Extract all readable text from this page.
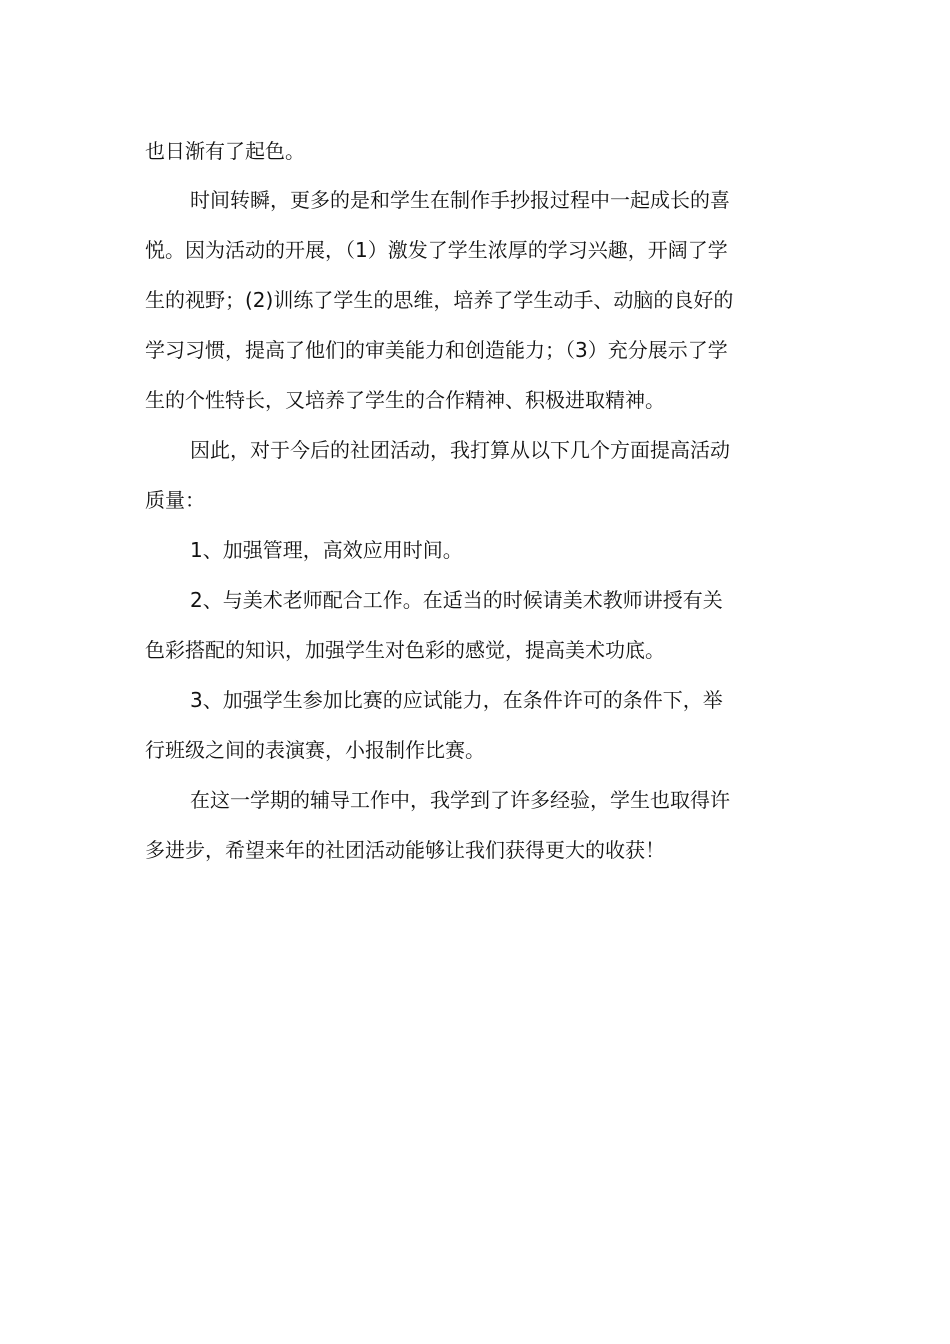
也日渐有了起色。
时间转瞬，更多的是和学生在制作手抄报过程中一起成长的喜
悦。因为活动的开展，（1）激发了学生浓厚的学习兴趣，开阔了学
生的视野；(2)训练了学生的思维，培养了学生动手、动脑的良好的
学习习惯，提高了他们的审美能力和创造能力；（3）充分展示了学
生的个性特长，又培养了学生的合作精神、积极进取精神。
因此，对于今后的社团活动，我打算从以下几个方面提高活动
质量：
1、加强管理，高效应用时间。
2、与美术老师配合工作。在适当的时候请美术教师讲授有关
色彩搭配的知识，加强学生对色彩的感觉，提高美术功底。
3、加强学生参加比赛的应试能力，在条件许可的条件下，举
行班级之间的表演赛，小报制作比赛。
在这一学期的辅导工作中，我学到了许多经验，学生也取得许
多进步，希望来年的社团活动能够让我们获得更大的收获！
